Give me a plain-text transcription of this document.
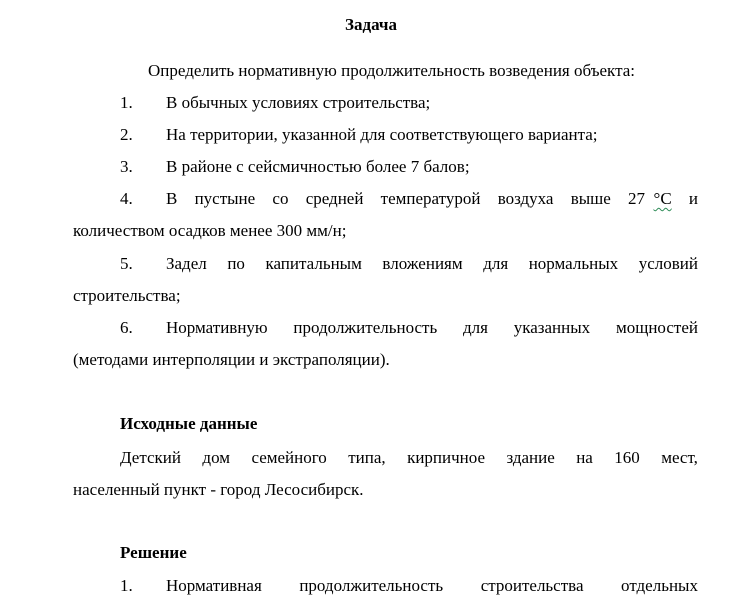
Задача
Определить нормативную продолжительность возведения объекта:
1. В обычных условиях строительства;
2. На территории, указанной для соответствующего варианта;
3. В районе с сейсмичностью более 7 балов;
4. В пустыне со средней температурой воздуха выше 27 °С и
количеством осадков менее 300 мм/н;
5. Задел по капитальным вложениям для нормальных условий
строительства;
6. Нормативную продолжительность для указанных мощностей
(методами интерполяции и экстраполяции).
Исходные данные
Детский дом семейного типа, кирпичное здание на 160 мест,
населенный пункт - город Лесосибирск.
Решение
1. Нормативная продолжительность строительства отдельных
